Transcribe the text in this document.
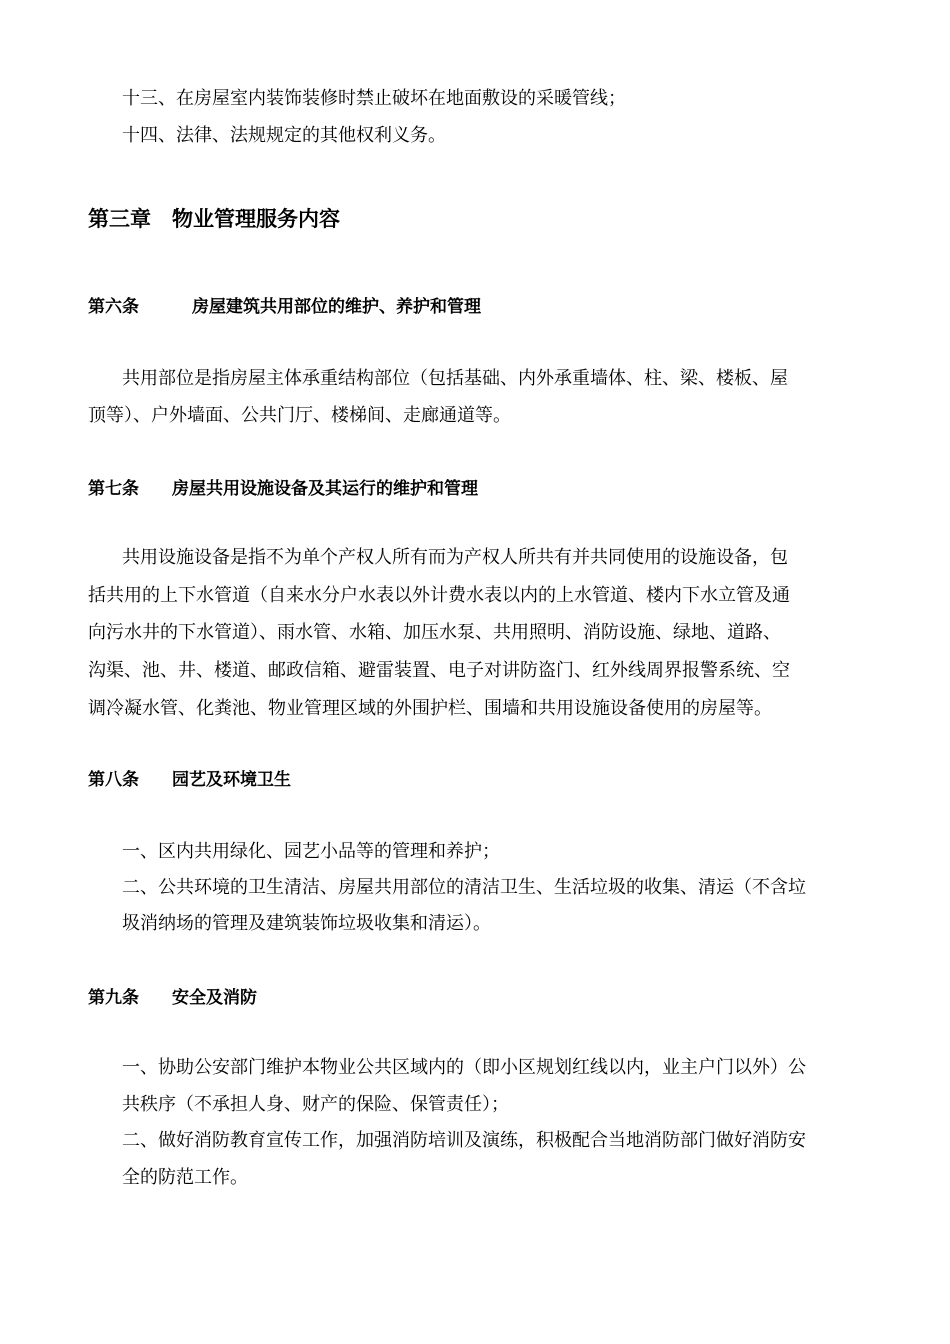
十三、在房屋室内装饰装修时禁止破坏在地面敷设的采暖管线；
十四、法律、法规规定的其他权利义务。
第三章　物业管理服务内容
第六条	房屋建筑共用部位的维护、养护和管理
共用部位是指房屋主体承重结构部位（包括基础、内外承重墙体、柱、梁、楼板、屋
顶等）、户外墙面、公共门厅、楼梯间、走廊通道等。
第七条 房屋共用设施设备及其运行的维护和管理
共用设施设备是指不为单个产权人所有而为产权人所共有并共同使用的设施设备，包
括共用的上下水管道（自来水分户水表以外计费水表以内的上水管道、楼内下水立管及通
向污水井的下水管道）、雨水管、水箱、加压水泵、共用照明、消防设施、绿地、道路、
沟渠、池、井、楼道、邮政信箱、避雷装置、电子对讲防盗门、红外线周界报警系统、空
调冷凝水管、化粪池、物业管理区域的外围护栏、围墙和共用设施设备使用的房屋等。
第八条 园艺及环境卫生
一、区内共用绿化、园艺小品等的管理和养护；
二、公共环境的卫生清洁、房屋共用部位的清洁卫生、生活垃圾的收集、清运（不含垃
圾消纳场的管理及建筑装饰垃圾收集和清运）。
第九条 安全及消防
一、协助公安部门维护本物业公共区域内的（即小区规划红线以内，业主户门以外）公
共秩序（不承担人身、财产的保险、保管责任）；
二、做好消防教育宣传工作，加强消防培训及演练，积极配合当地消防部门做好消防安
全的防范工作。
